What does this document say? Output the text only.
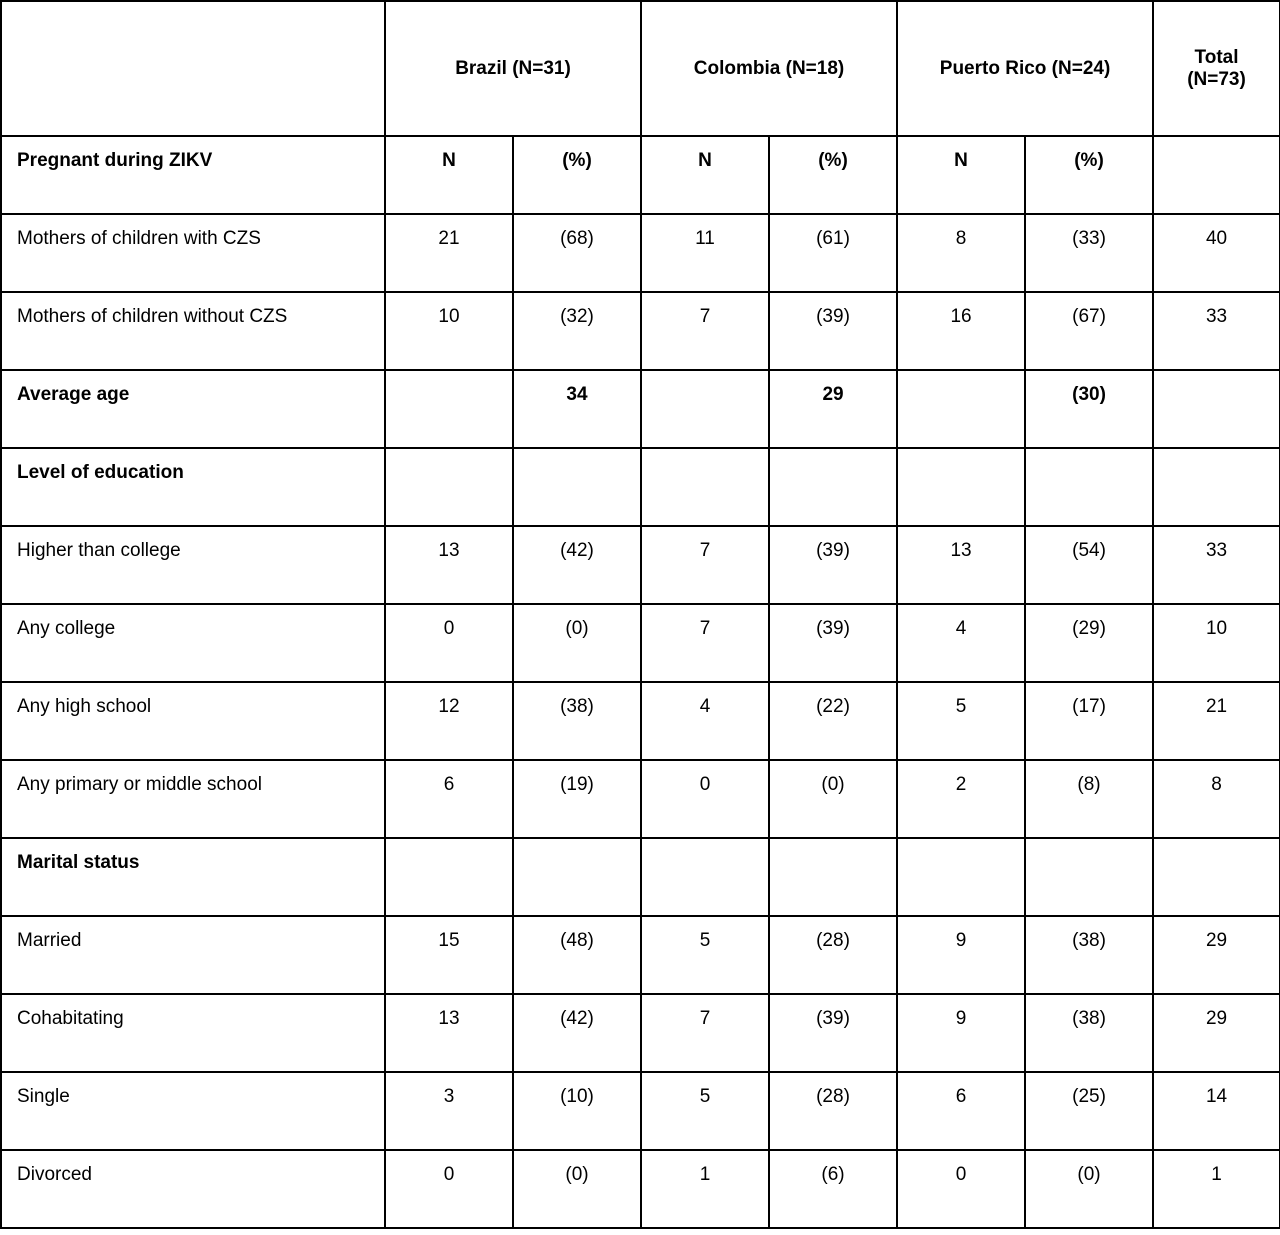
	Brazil (N=31)		Colombia (N=18)		Puerto Rico (N=24)		Total
(N=73)
Pregnant during ZIKV	N	(%)	N	(%)	N	(%)	
Mothers of children with CZS	21	(68)	11	(61)	8	(33)	40
Mothers of children without CZS	10	(32)	7	(39)	16	(67)	33
Average age		34		29		(30)	
Level of education							
Higher than college	13	(42)	7	(39)	13	(54)	33
Any college	0	(0)	7	(39)	4	(29)	10
Any high school	12	(38)	4	(22)	5	(17)	21
Any primary or middle school	6	(19)	0	(0)	2	(8)	8
Marital status							
Married	15	(48)	5	(28)	9	(38)	29
Cohabitating	13	(42)	7	(39)	9	(38)	29
Single	3	(10)	5	(28)	6	(25)	14
Divorced	0	(0)	1	(6)	0	(0)	1
